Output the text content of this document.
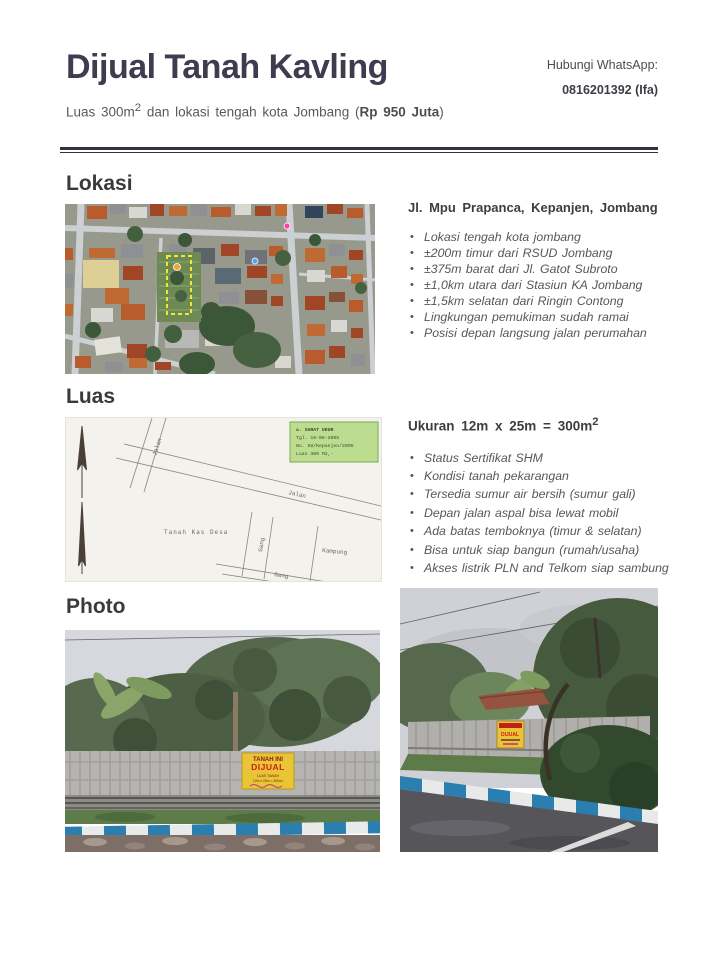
Dijual Tanah Kavling	Hubungi WhatsApp:
0816201392 (Ifa)
Luas $300m^2$ dan lokasi tengah kota Jombang (Rp 950 Juta)
Lokasi

Jl. Mpu Prapanca, Kepanjen, Jombang

• Lokasi tengah kota jombang
• ±200m timur dari RSUD Jombang
• ±375m barat dari Jl. Gatot Subroto
• ±1,0km utara dari Stasiun KA Jombang
• ±1,5km selatan dari Ringin Contong
• Lingkungan pemukiman sudah ramai
• Posisi depan langsung jalan perumahan
Luas
Jalan
Jalan
Gang
Gang
Tanah Kas Desa
Kampung
a. SURAT UKUR
Tgl. 16-06-2005
No. 58/Kepanjen/2005
Luas 300 M2,-

Ukuran 12m x $25m = 300m^2$

• Status Sertifikat SHM
• Kondisi tanah pekarangan
• Tersedia sumur air bersih (sumur gali)
• Depan jalan aspal bisa lewat mobil
• Ada batas temboknya (timur & selatan)
• Bisa untuk siap bangun (rumah/usaha)
• Akses listrik PLN and Telkom siap sambung
Photo
TANAH INI
DIJUAL
LUAS TANAH
12m x 25m = 300m²
DIJUAL
